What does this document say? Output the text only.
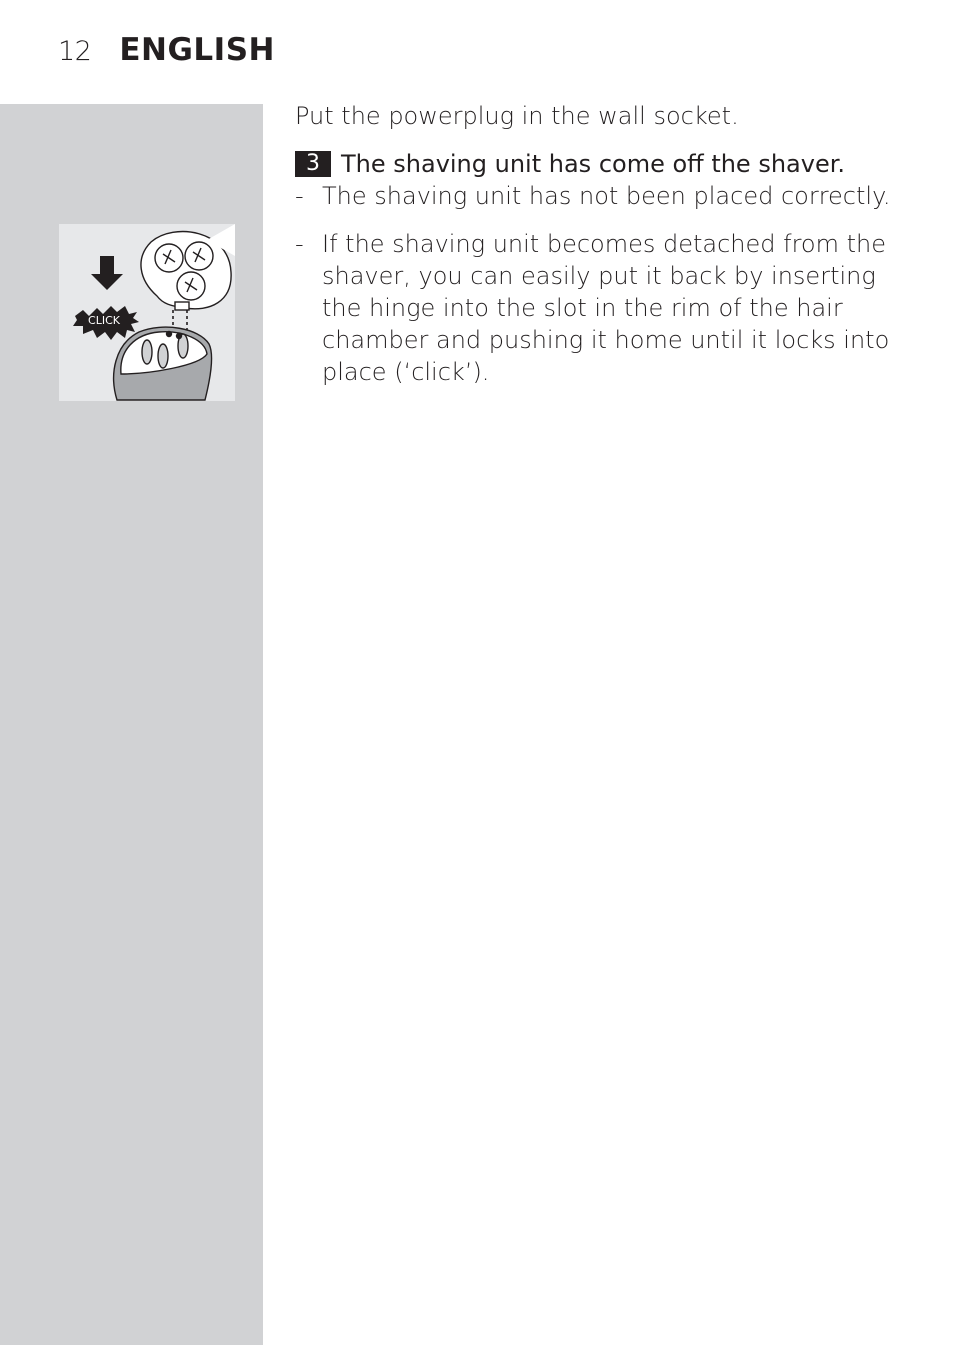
12 ENGLISH
CLICK

Put the powerplug in the wall socket.

3 The shaving unit has come off the shaver.

- The shaving unit has not been placed correctly.

- If the shaving unit becomes detached from the shaver, you can easily put it back by inserting the hinge into the slot in the rim of the hair chamber and pushing it home until it locks into place (‘click’).
